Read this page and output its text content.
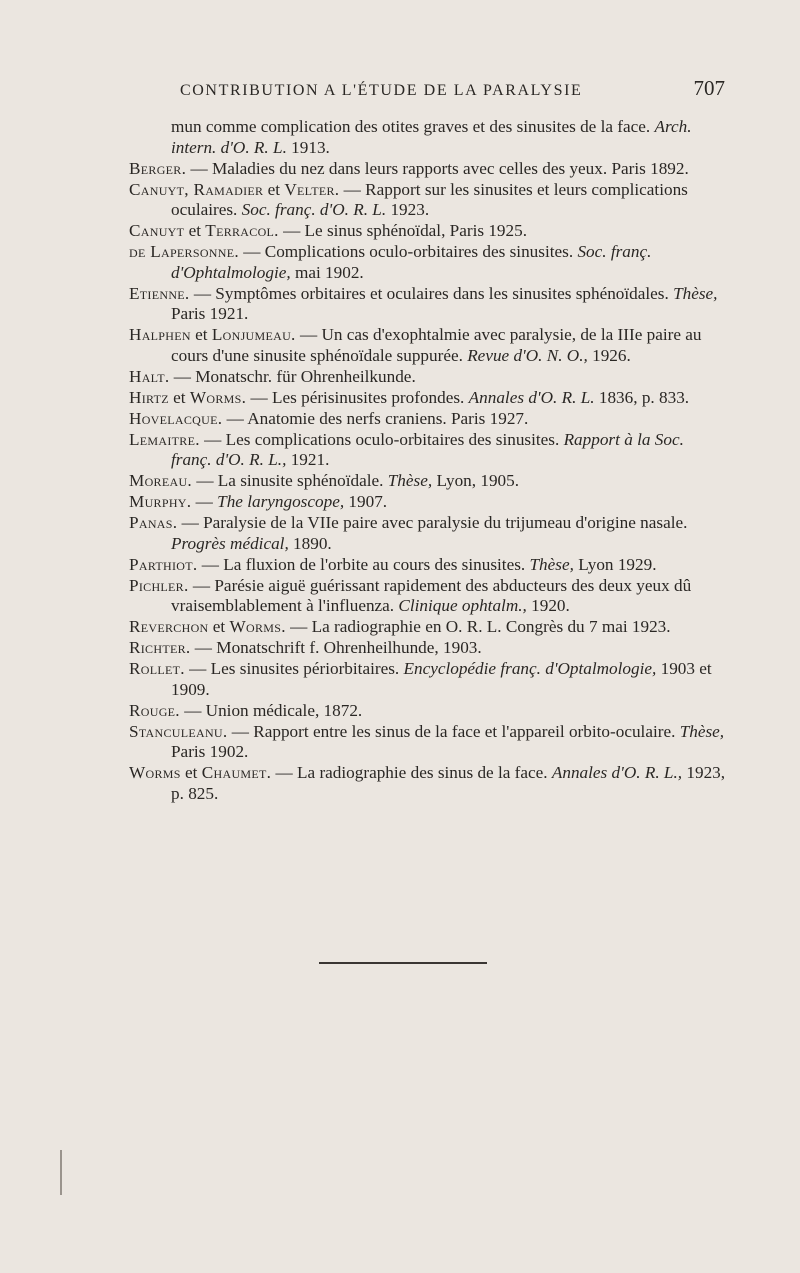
CONTRIBUTION A L'ÉTUDE DE LA PARALYSIE	707
mun comme complication des otites graves et des sinusites de la face. Arch. intern. d'O. R. L. 1913.
Berger. — Maladies du nez dans leurs rapports avec celles des yeux. Paris 1892.
Canuyt, Ramadier et Velter. — Rapport sur les sinusites et leurs complications oculaires. Soc. franç. d'O. R. L. 1923.
Canuyt et Terracol. — Le sinus sphénoïdal, Paris 1925.
de Lapersonne. — Complications oculo-orbitaires des sinusites. Soc. franç. d'Ophtalmologie, mai 1902.
Etienne. — Symptômes orbitaires et oculaires dans les sinusites sphénoïdales. Thèse, Paris 1921.
Halphen et Lonjumeau. — Un cas d'exophtalmie avec paralysie, de la IIIe paire au cours d'une sinusite sphénoïdale suppurée. Revue d'O. N. O., 1926.
Halt. — Monatschr. für Ohrenheilkunde.
Hirtz et Worms. — Les périsinusites profondes. Annales d'O. R. L. 1836, p. 833.
Hovelacque. — Anatomie des nerfs craniens. Paris 1927.
Lemaitre. — Les complications oculo-orbitaires des sinusites. Rapport à la Soc. franç. d'O. R. L., 1921.
Moreau. — La sinusite sphénoïdale. Thèse, Lyon, 1905.
Murphy. — The laryngoscope, 1907.
Panas. — Paralysie de la VIIe paire avec paralysie du trijumeau d'origine nasale. Progrès médical, 1890.
Parthiot. — La fluxion de l'orbite au cours des sinusites. Thèse, Lyon 1929.
Pichler. — Parésie aiguë guérissant rapidement des abducteurs des deux yeux dû vraisemblablement à l'influenza. Clinique ophtalm., 1920.
Reverchon et Worms. — La radiographie en O. R. L. Congrès du 7 mai 1923.
Richter. — Monatschrift f. Ohrenheilhunde, 1903.
Rollet. — Les sinusites périorbitaires. Encyclopédie franç. d'Optalmologie, 1903 et 1909.
Rouge. — Union médicale, 1872.
Stanculeanu. — Rapport entre les sinus de la face et l'appareil orbito-oculaire. Thèse, Paris 1902.
Worms et Chaumet. — La radiographie des sinus de la face. Annales d'O. R. L., 1923, p. 825.
